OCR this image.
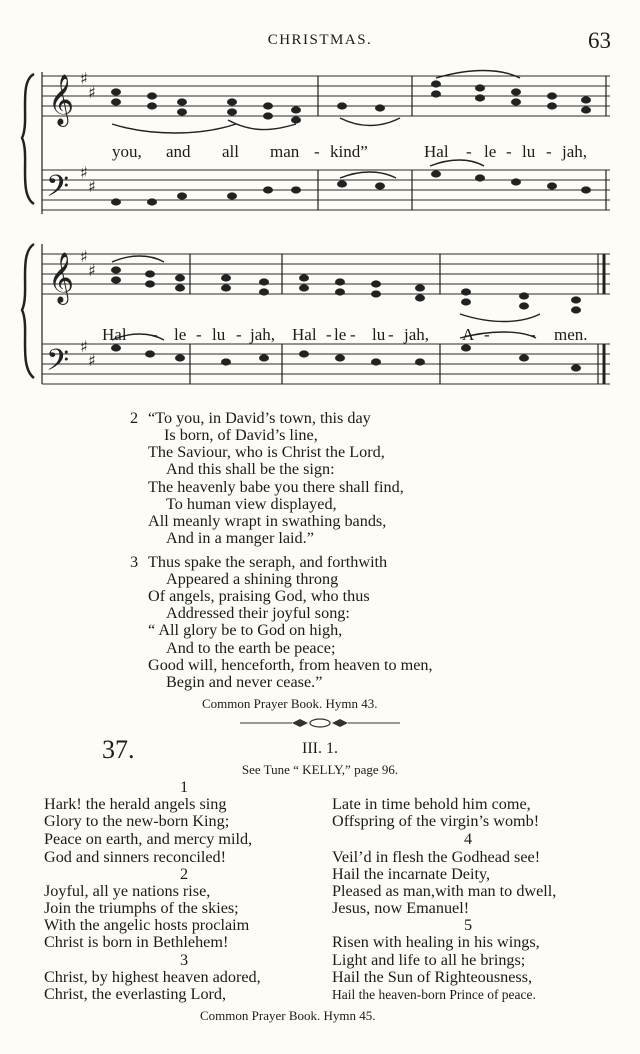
CHRISTMAS.	63
𝄞
𝄢
♯
♯
♯
♯
you, and all man - kind”	Hal - le - lu - jah,
𝄞
𝄢
♯
♯
♯
♯
Hal - le - lu - jah, Hal - le - lu - jah, A - - men.
2 “To you, in David’s town, this day
Is born, of David’s line,
The Saviour, who is Christ the Lord,
And this shall be the sign:
The heavenly babe you there shall find,
To human view displayed,
All meanly wrapt in swathing bands,
And in a manger laid.”
3 Thus spake the seraph, and forthwith
Appeared a shining throng
Of angels, praising God, who thus
Addressed their joyful song:
“ All glory be to God on high,
And to the earth be peace;
Good will, henceforth, from heaven to men,
Begin and never cease.”
Common Prayer Book. Hymn 43.
37.	III. 1.
See Tune “ KELLY,” page 96.
1
Hark! the herald angels sing
Glory to the new-born King;
Peace on earth, and mercy mild,
God and sinners reconciled!
2
Joyful, all ye nations rise,
Join the triumphs of the skies;
With the angelic hosts proclaim
Christ is born in Bethlehem!
3
Christ, by highest heaven adored,
Christ, the everlasting Lord,
Late in time behold him come,
Offspring of the virgin’s womb!
4
Veil’d in flesh the Godhead see!
Hail the incarnate Deity,
Pleased as man,with man to dwell,
Jesus, now Emanuel!
5
Risen with healing in his wings,
Light and life to all he brings;
Hail the Sun of Righteousness,
Hail the heaven-born Prince of peace.
Common Prayer Book. Hymn 45.
